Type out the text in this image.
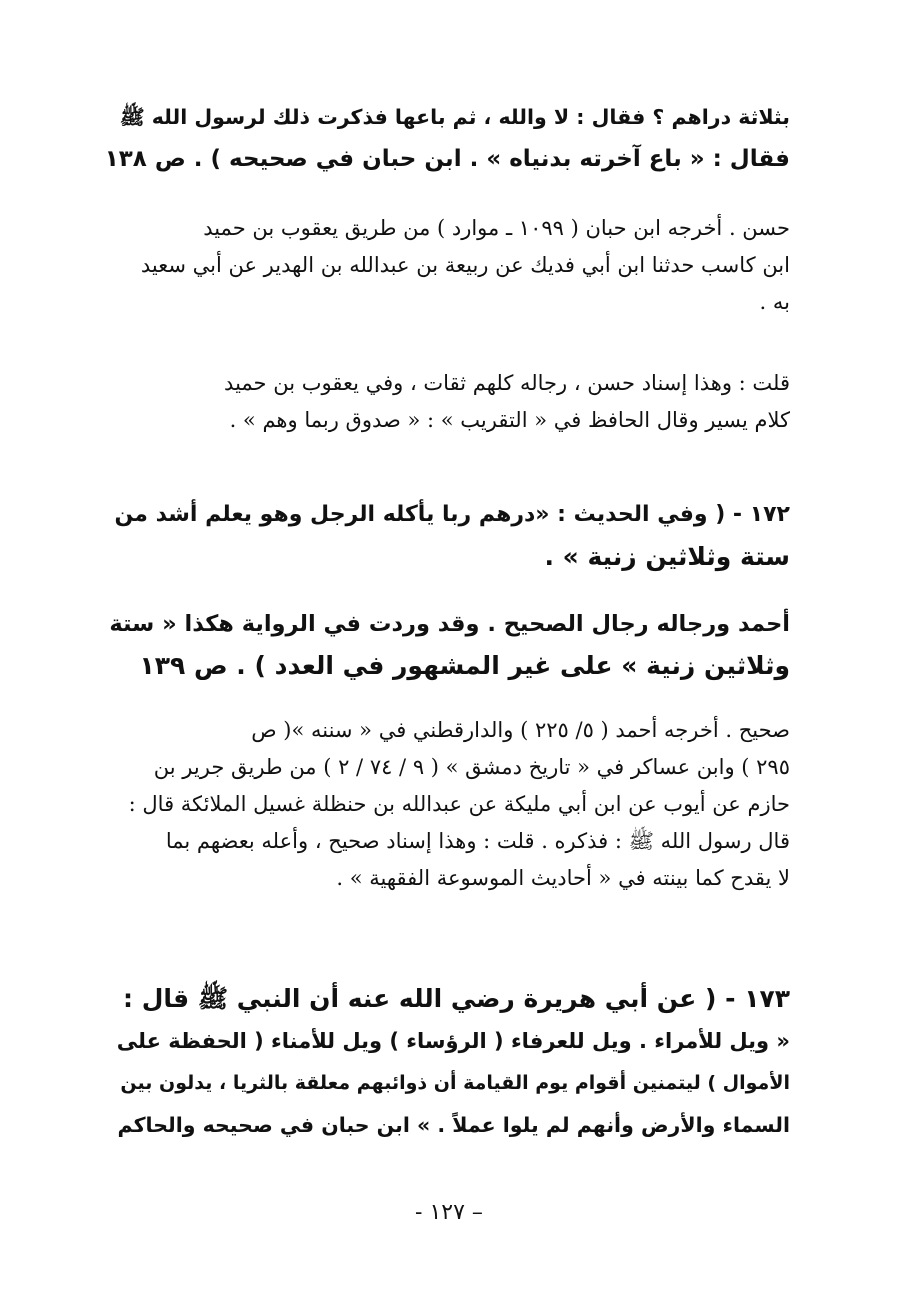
بثلاثة دراهم ؟ فقال : لا والله ، ثم باعها فذكرت ذلك لرسول الله ﷺ
فقال : « باع آخرته بدنياه » . ابن حبان في صحيحه ) . ص ١٣٨
حسن . أخرجه ابن حبان ( ١٠٩٩ ـ موارد ) من طريق يعقوب بن حميد
ابن كاسب حدثنا ابن أبي فديك عن ربيعة بن عبدالله بن الهدير عن أبي سعيد
به .
قلت : وهذا إسناد حسن ، رجاله كلهم ثقات ، وفي يعقوب بن حميد
كلام يسير وقال الحافظ في « التقريب » : « صدوق ربما وهم » .
١٧٢ - ( وفي الحديث : «درهم ربا يأكله الرجل وهو يعلم أشد من
ستة وثلاثين زنية » .
أحمد ورجاله رجال الصحيح . وقد وردت في الرواية هكذا « ستة
وثلاثين زنية » على غير المشهور في العدد ) . ص ١٣٩
صحيح . أخرجه أحمد ( ٥/ ٢٢٥ ) والدارقطني في « سننه »( ص
٢٩٥ ) وابن عساكر في « تاريخ دمشق » ( ٩ / ٧٤ / ٢ ) من طريق جرير بن
حازم عن أيوب عن ابن أبي مليكة عن عبدالله بن حنظلة غسيل الملائكة قال :
قال رسول الله ﷺ : فذكره . قلت : وهذا إسناد صحيح ، وأعله بعضهم بما
لا يقدح كما بينته في « أحاديث الموسوعة الفقهية » .
١٧٣ - ( عن أبي هريرة رضي الله عنه أن النبي ﷺ قال :
« ويل للأمراء . ويل للعرفاء ( الرؤساء ) ويل للأمناء ( الحفظة على
الأموال ) ليتمنين أقوام يوم القيامة أن ذوائبهم معلقة بالثريا ، يدلون بين
السماء والأرض وأنهم لم يلوا عملاً . » ابن حبان في صحيحه والحاكم
– ١٢٧ -
